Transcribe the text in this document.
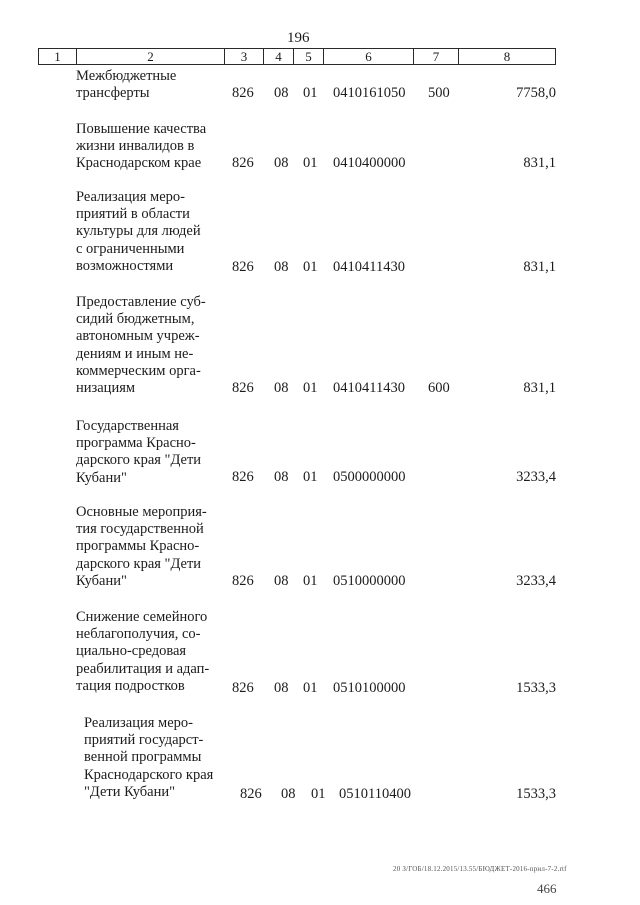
196
1	2	3	4	5	6	7	8
Межбюджетные
трансферты	826 08 01 0410161050 500	7758,0
Повышение качества
жизни инвалидов в
Краснодарском крае	826 08 01 0410400000	831,1
Реализация меро-
приятий в области
культуры для людей
с ограниченными
возможностями	826 08 01 0410411430	831,1
Предоставление суб-
сидий бюджетным,
автономным учреж-
дениям и иным не-
коммерческим орга-
низациям	826 08 01 0410411430 600	831,1
Государственная
программа Красно-
дарского края "Дети
Кубани"	826 08 01 0500000000	3233,4
Основные мероприя-
тия государственной
программы Красно-
дарского края "Дети
Кубани"	826 08 01 0510000000	3233,4
Снижение семейного
неблагополучия, со-
циально-средовая
реабилитация и адап-
тация подростков	826 08 01 0510100000	1533,3
Реализация меро-
приятий государст-
венной программы
Краснодарского края
"Дети Кубани"	826 08 01 0510110400	1533,3
20 З/ГОБ/18.12.2015/13.55/БЮДЖЕТ-2016-прил-7-2.rtf
466
